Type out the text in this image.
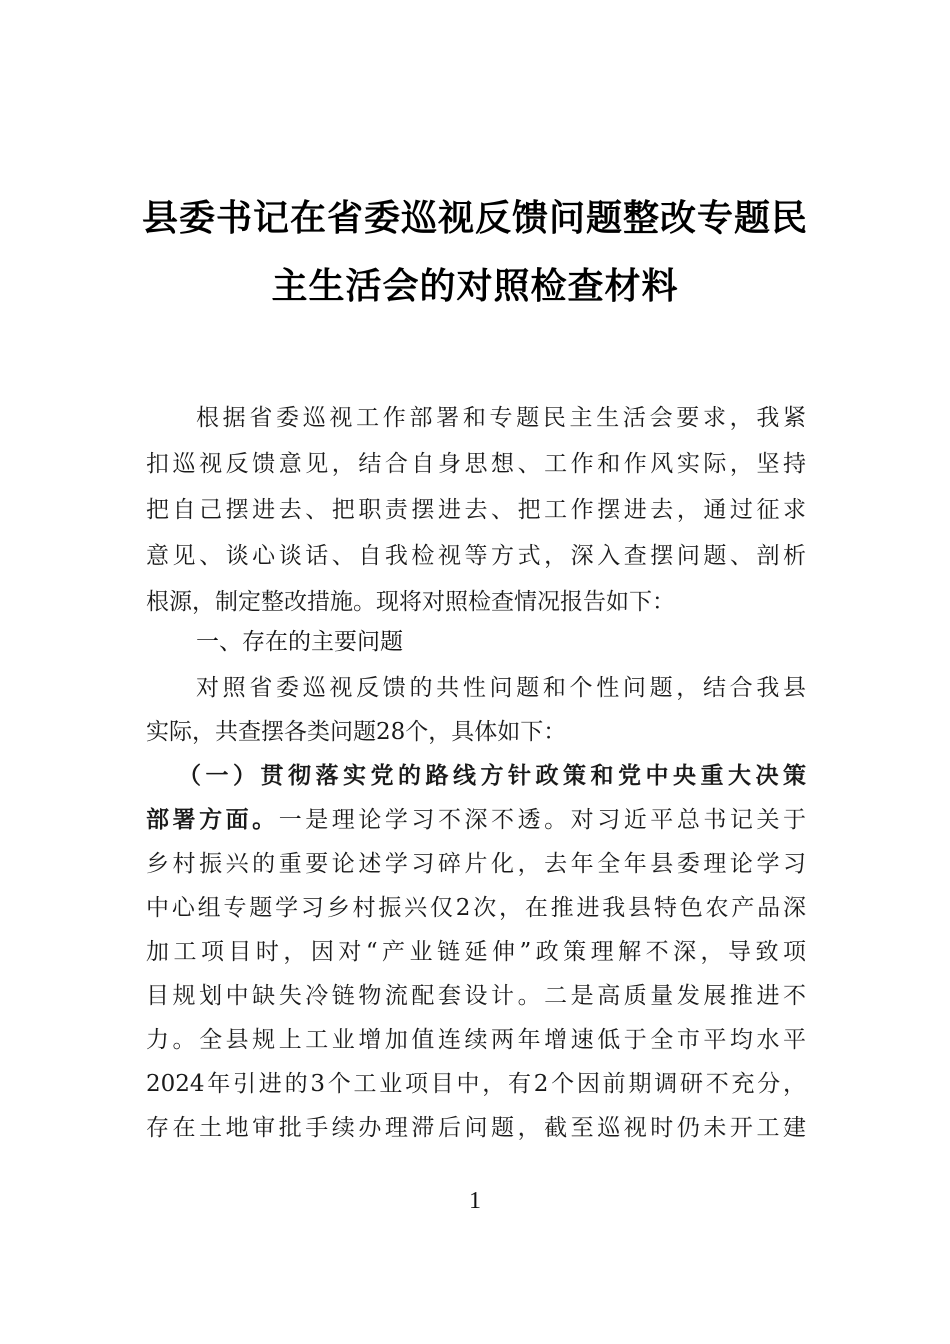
县委书记在省委巡视反馈问题整改专题民
主生活会的对照检查材料
根据省委巡视工作部署和专题民主生活会要求，我紧
扣巡视反馈意见，结合自身思想、工作和作风实际，坚持
把自己摆进去、把职责摆进去、把工作摆进去，通过征求
意见、谈心谈话、自我检视等方式，深入查摆问题、剖析
根源，制定整改措施。现将对照检查情况报告如下：
一、存在的主要问题
对照省委巡视反馈的共性问题和个性问题，结合我县
实际，共查摆各类问题28个，具体如下：
（一）贯彻落实党的路线方针政策和党中央重大决策
部署方面。一是理论学习不深不透。对习近平总书记关于
乡村振兴的重要论述学习碎片化，去年全年县委理论学习
中心组专题学习乡村振兴仅2次，在推进我县特色农产品深
加工项目时，因对“产业链延伸”政策理解不深，导致项
目规划中缺失冷链物流配套设计。二是高质量发展推进不
力。全县规上工业增加值连续两年增速低于全市平均水平
2024年引进的3个工业项目中，有2个因前期调研不充分，
存在土地审批手续办理滞后问题，截至巡视时仍未开工建
1
